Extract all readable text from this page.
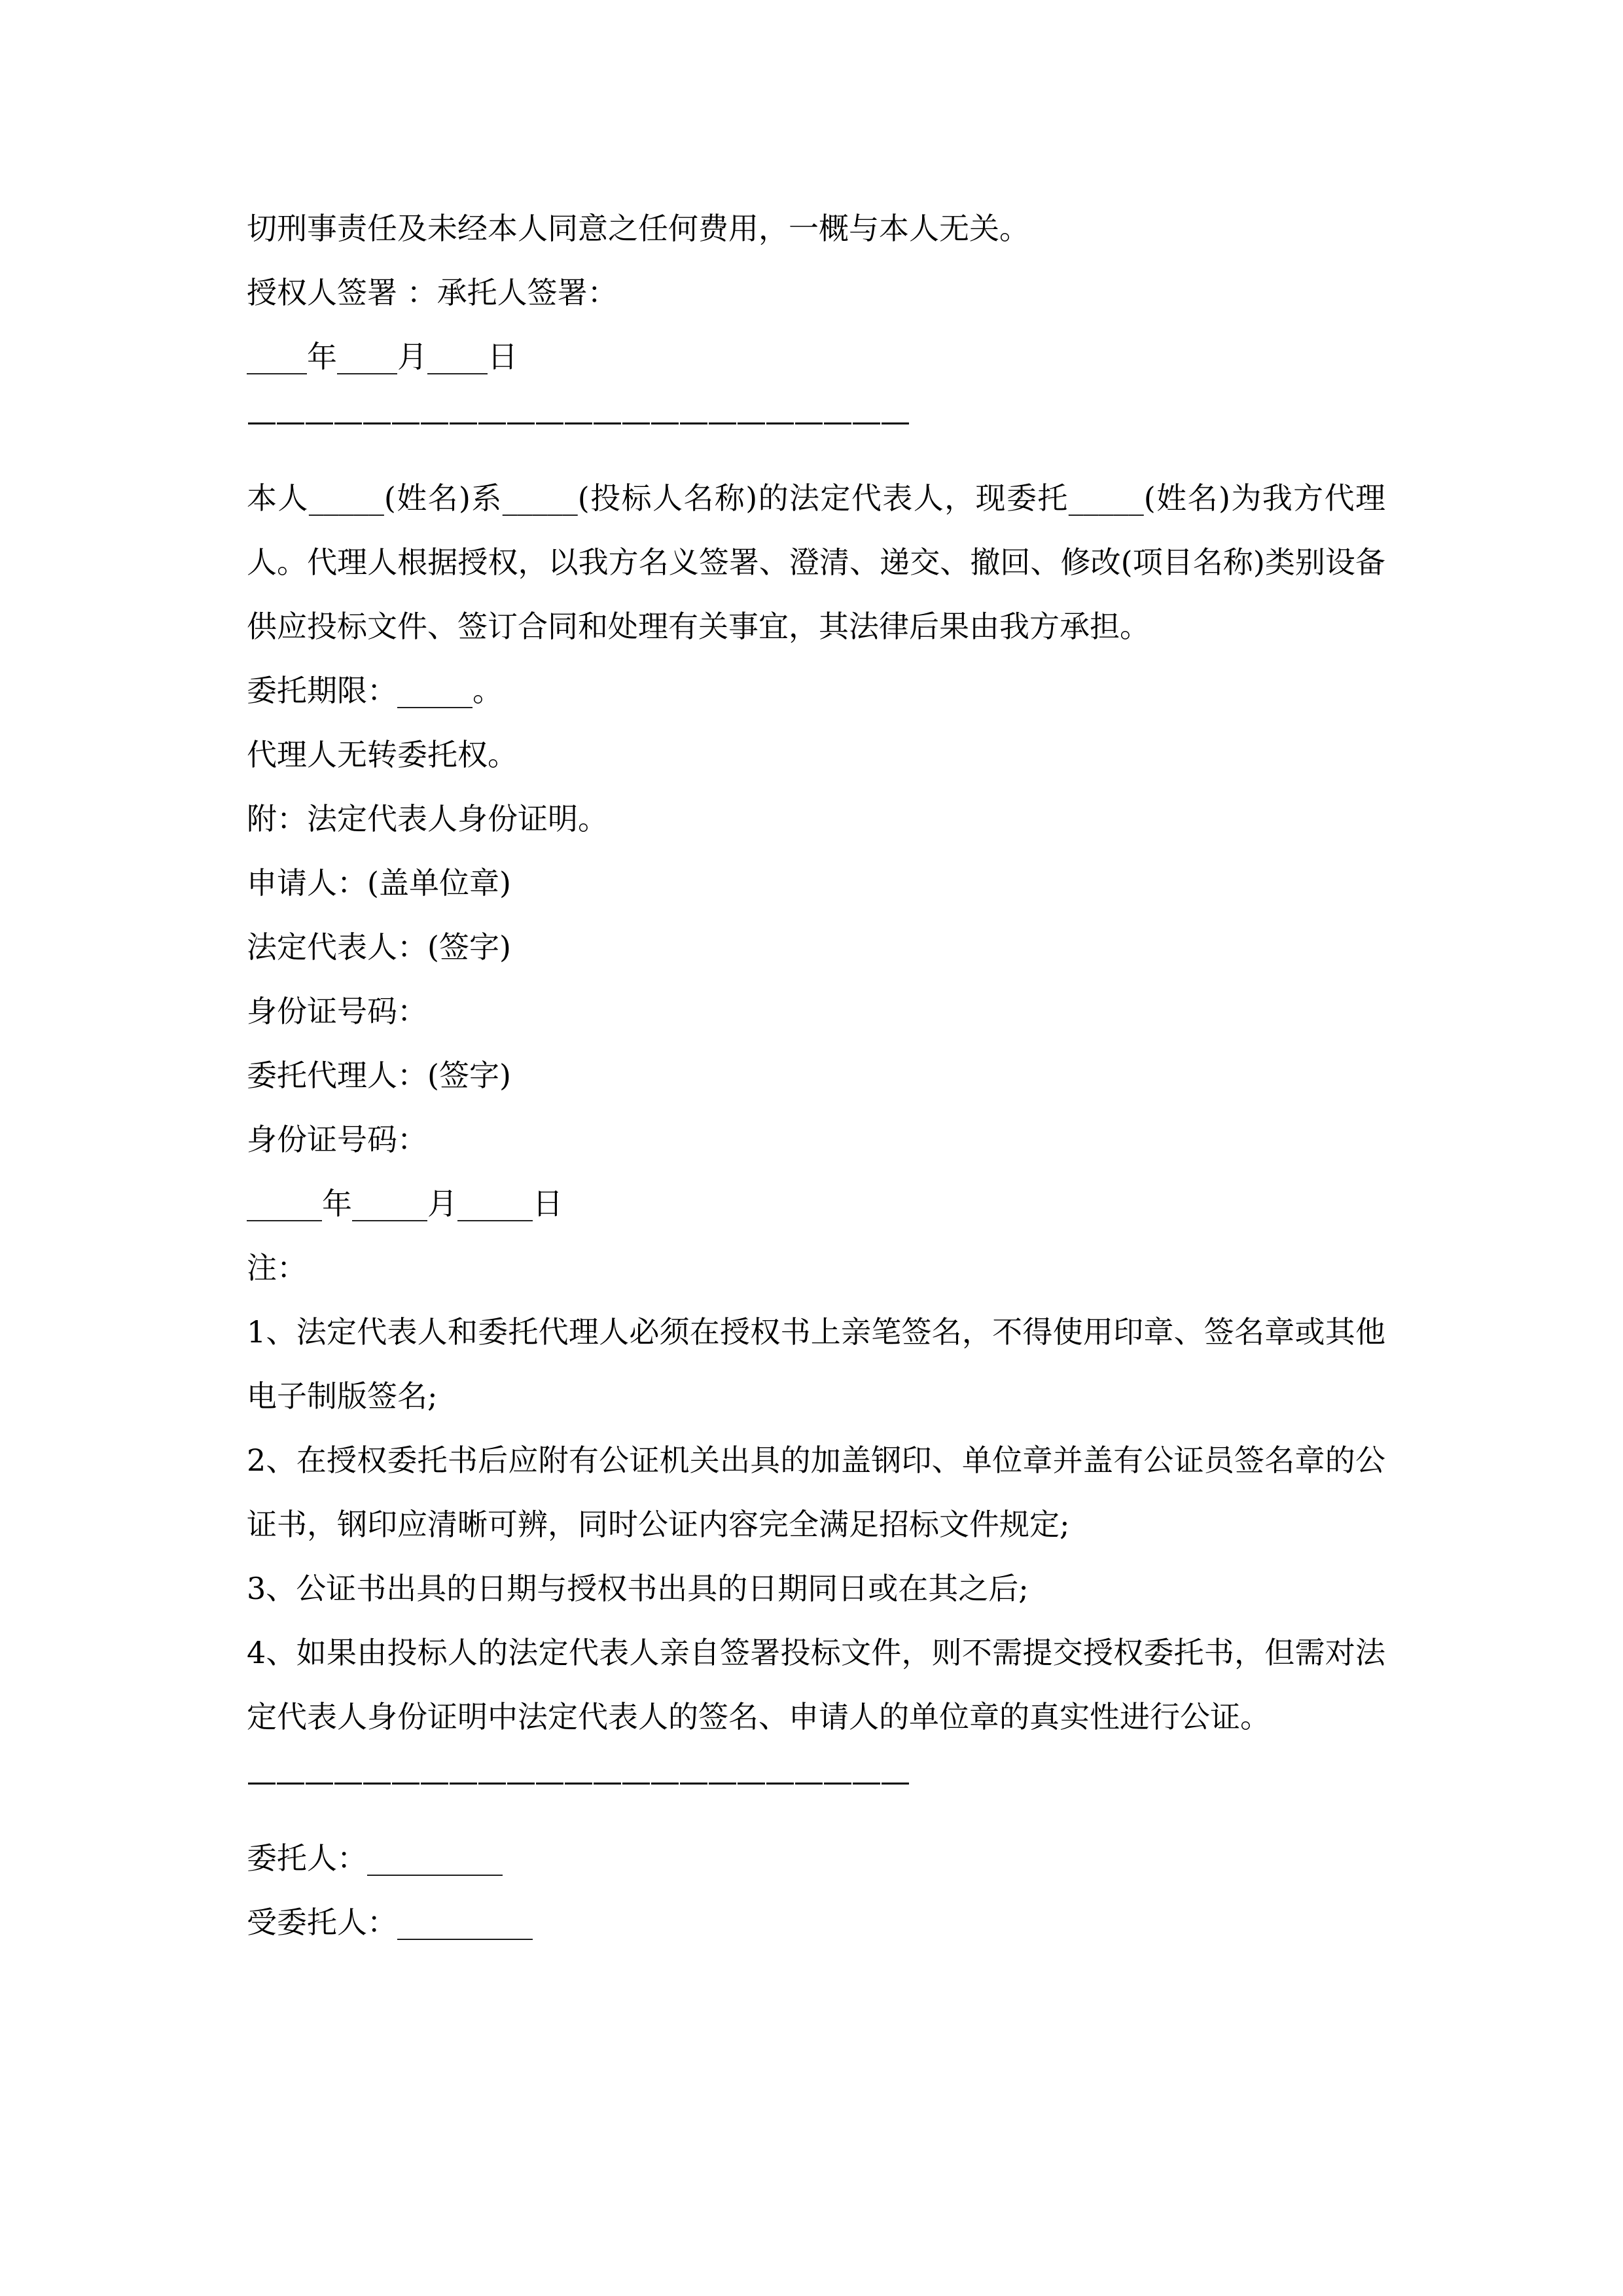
切刑事责任及未经本人同意之任何费用，一概与本人无关。
授权人签署 ：承托人签署：
____年____月____日
———————————————————————
本人_____(姓名)系_____(投标人名称)的法定代表人，现委托_____(姓名)为我方代理人。代理人根据授权，以我方名义签署、澄清、递交、撤回、修改(项目名称)类别设备供应投标文件、签订合同和处理有关事宜，其法律后果由我方承担。
委托期限：_____。
代理人无转委托权。
附：法定代表人身份证明。
申请人：(盖单位章)
法定代表人：(签字)
身份证号码：
委托代理人：(签字)
身份证号码：
_____年_____月_____日
注：
1、法定代表人和委托代理人必须在授权书上亲笔签名，不得使用印章、签名章或其他电子制版签名;
2、在授权委托书后应附有公证机关出具的加盖钢印、单位章并盖有公证员签名章的公证书，钢印应清晰可辨，同时公证内容完全满足招标文件规定;
3、公证书出具的日期与授权书出具的日期同日或在其之后;
4、如果由投标人的法定代表人亲自签署投标文件，则不需提交授权委托书，但需对法定代表人身份证明中法定代表人的签名、申请人的单位章的真实性进行公证。
———————————————————————
委托人：_________
受委托人：_________
